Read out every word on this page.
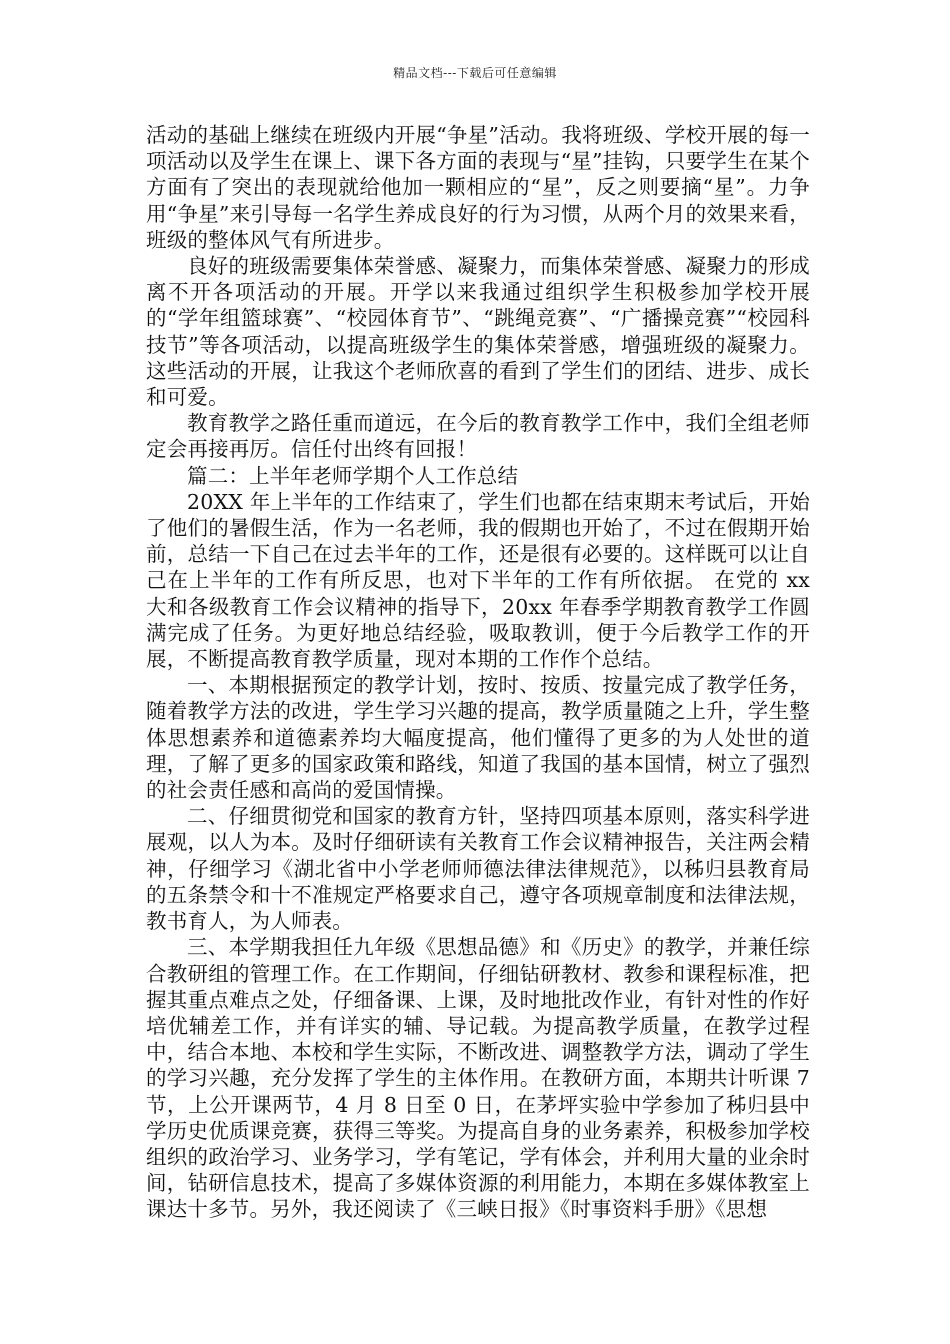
精品文档---下载后可任意编辑

活动的基础上继续在班级内开展“争星”活动。我将班级、学校开展的每一项活动以及学生在课上、课下各方面的表现与“星”挂钩，只要学生在某个方面有了突出的表现就给他加一颗相应的“星”，反之则要摘“星”。力争用“争星”来引导每一名学生养成良好的行为习惯，从两个月的效果来看，班级的整体风气有所进步。

良好的班级需要集体荣誉感、凝聚力，而集体荣誉感、凝聚力的形成离不开各项活动的开展。开学以来我通过组织学生积极参加学校开展的“学年组篮球赛”、“校园体育节”、“跳绳竞赛”、“广播操竞赛”“校园科技节”等各项活动，以提高班级学生的集体荣誉感，增强班级的凝聚力。这些活动的开展，让我这个老师欣喜的看到了学生们的团结、进步、成长和可爱。

教育教学之路任重而道远，在今后的教育教学工作中，我们全组老师定会再接再厉。信任付出终有回报！

篇二：上半年老师学期个人工作总结

20XX 年上半年的工作结束了，学生们也都在结束期末考试后，开始了他们的暑假生活，作为一名老师，我的假期也开始了，不过在假期开始前，总结一下自己在过去半年的工作，还是很有必要的。这样既可以让自己在上半年的工作有所反思，也对下半年的工作有所依据。 在党的 xx 大和各级教育工作会议精神的指导下，20xx 年春季学期教育教学工作圆满完成了任务。为更好地总结经验，吸取教训，便于今后教学工作的开展，不断提高教育教学质量，现对本期的工作作个总结。

一、本期根据预定的教学计划，按时、按质、按量完成了教学任务，随着教学方法的改进，学生学习兴趣的提高，教学质量随之上升，学生整体思想素养和道德素养均大幅度提高，他们懂得了更多的为人处世的道理，了解了更多的国家政策和路线，知道了我国的基本国情，树立了强烈的社会责任感和高尚的爱国情操。

二、仔细贯彻党和国家的教育方针，坚持四项基本原则，落实科学进展观，以人为本。及时仔细研读有关教育工作会议精神报告，关注两会精神，仔细学习《湖北省中小学老师师德法律法律规范》，以秭归县教育局的五条禁令和十不准规定严格要求自己，遵守各项规章制度和法律法规，教书育人，为人师表。

三、本学期我担任九年级《思想品德》和《历史》的教学，并兼任综合教研组的管理工作。在工作期间，仔细钻研教材、教参和课程标准，把握其重点难点之处，仔细备课、上课，及时地批改作业，有针对性的作好培优辅差工作，并有详实的辅、导记载。为提高教学质量，在教学过程中，结合本地、本校和学生实际，不断改进、调整教学方法，调动了学生的学习兴趣，充分发挥了学生的主体作用。在教研方面，本期共计听课 7 节，上公开课两节，4 月 8 日至 0 日，在茅坪实验中学参加了秭归县中学历史优质课竞赛，获得三等奖。为提高自身的业务素养，积极参加学校组织的政治学习、业务学习，学有笔记，学有体会，并利用大量的业余时间，钻研信息技术，提高了多媒体资源的利用能力，本期在多媒体教室上课达十多节。另外，我还阅读了《三峡日报》《时事资料手册》《思想
